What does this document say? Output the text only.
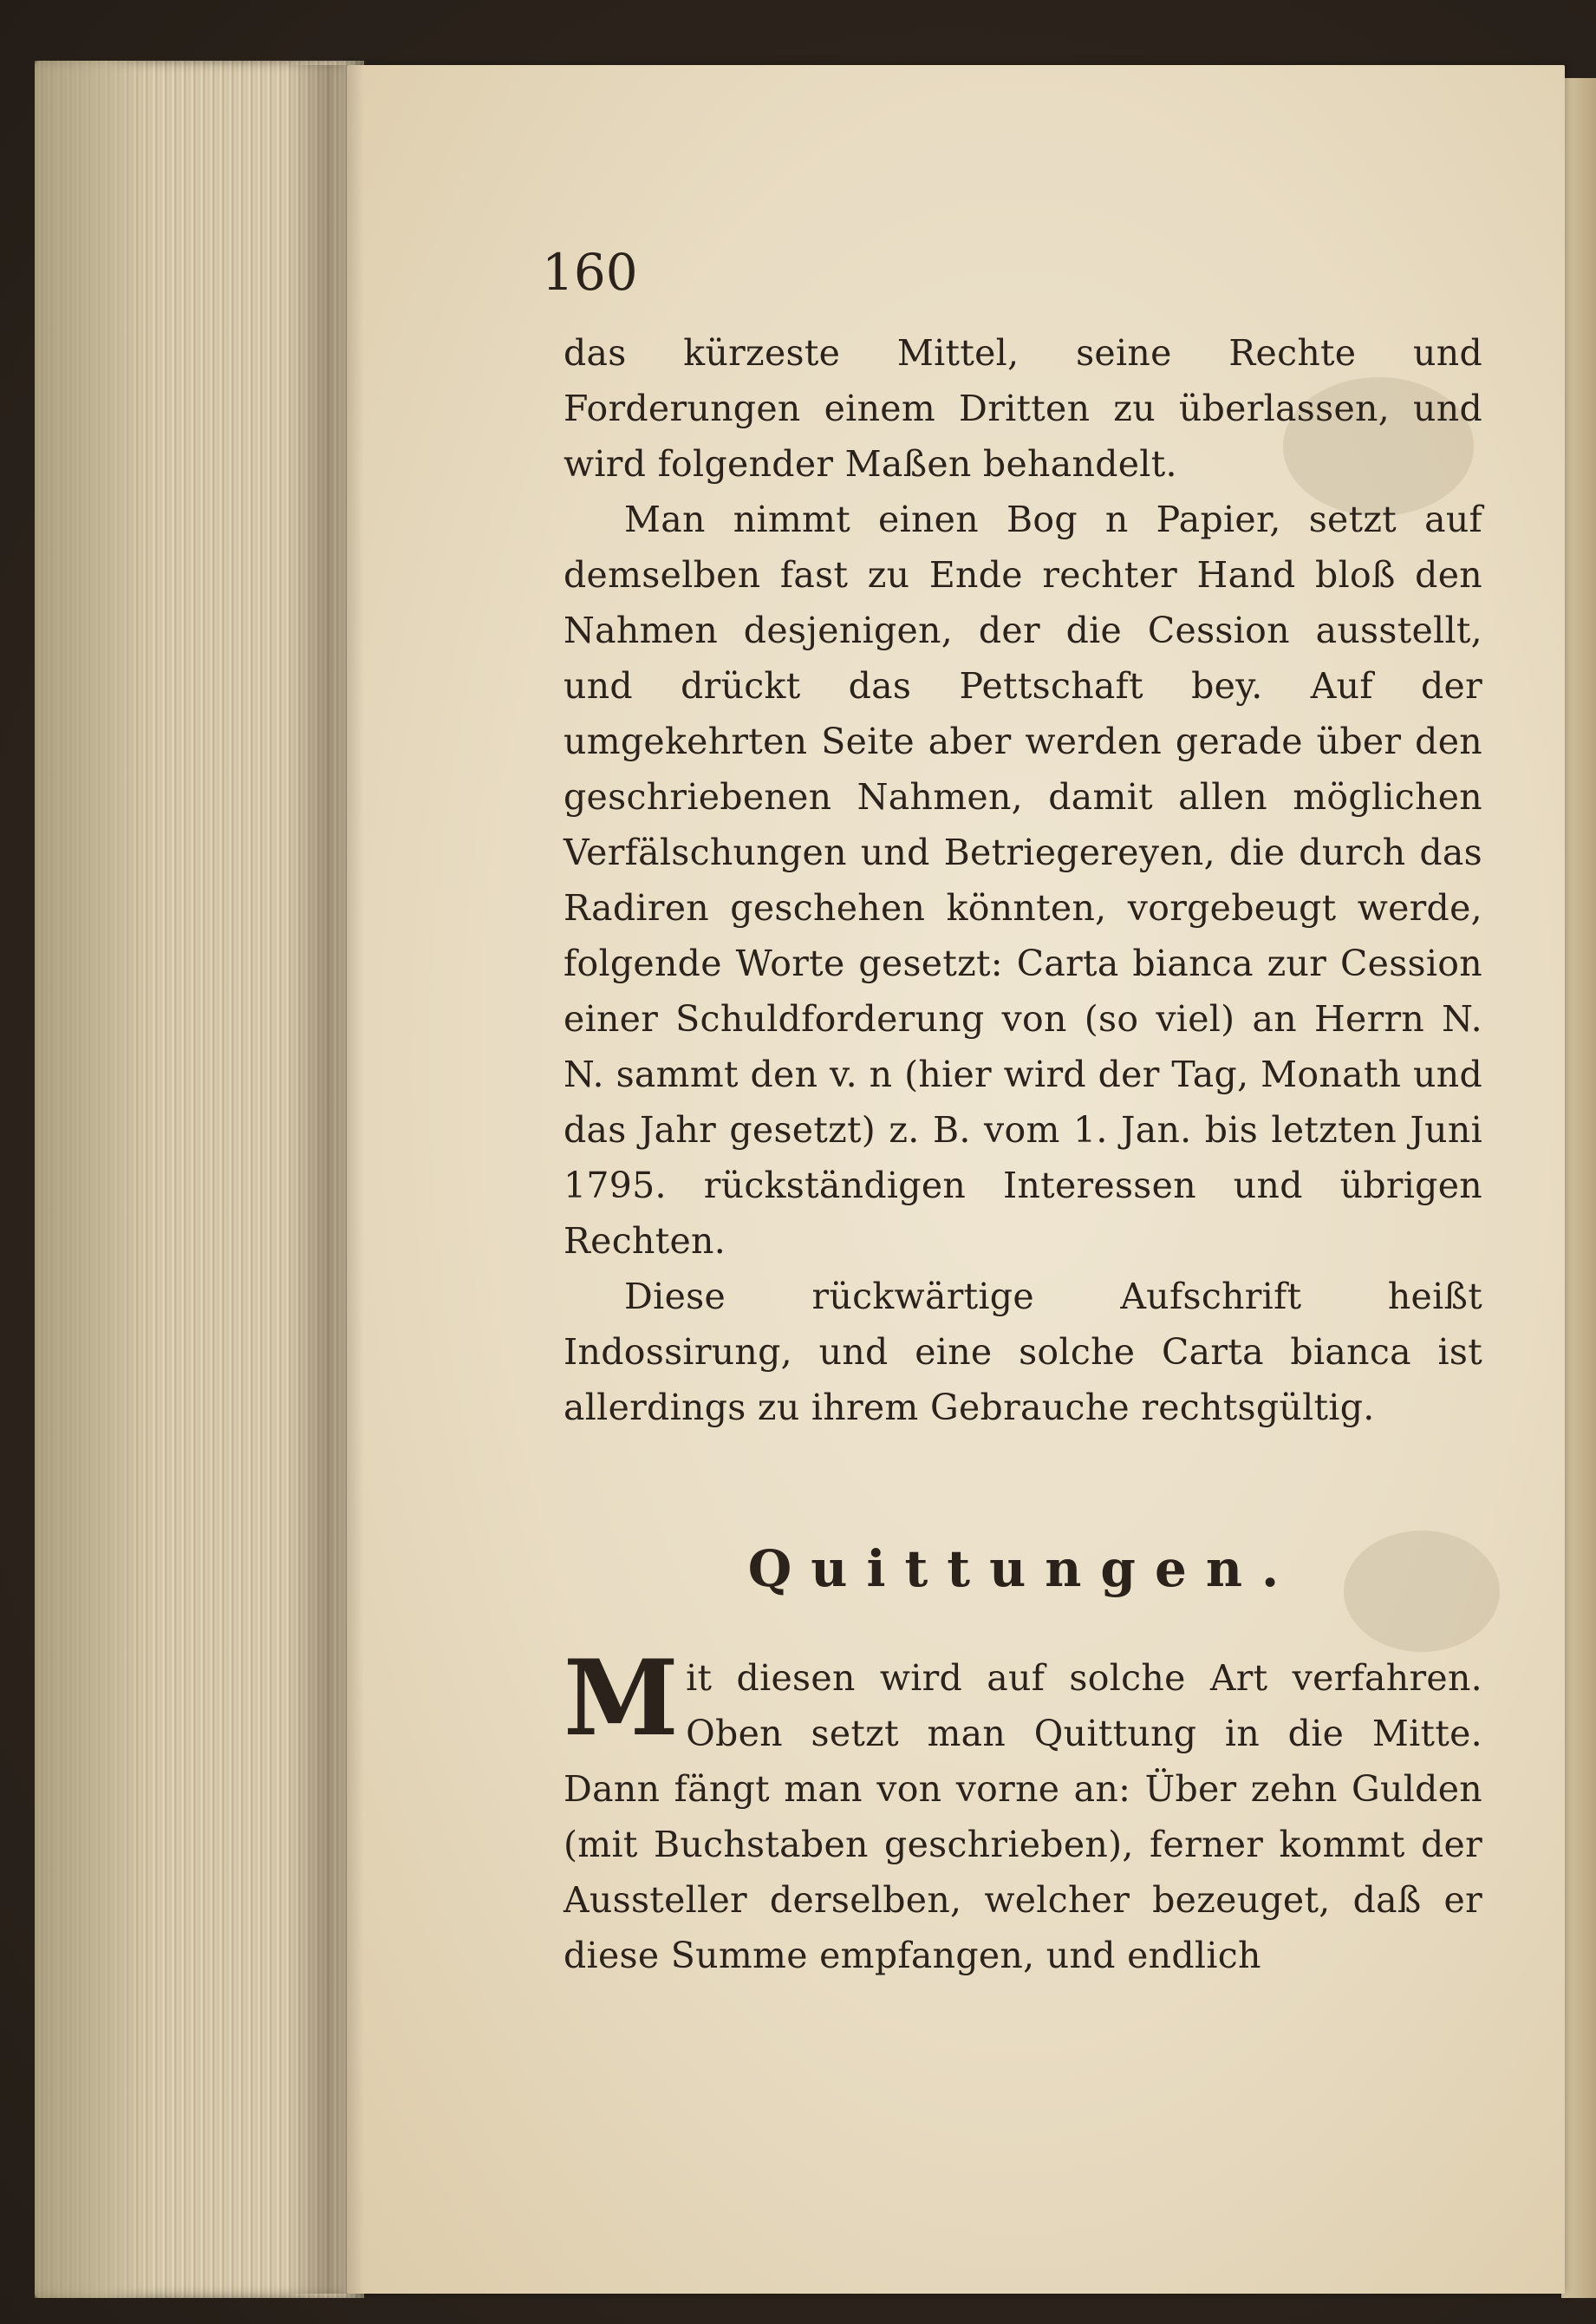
160

das kürzeste Mittel, seine Rechte und Forderungen einem Dritten zu überlassen, und wird folgender Maßen behandelt.

Man nimmt einen Bog n Papier, setzt auf demselben fast zu Ende rechter Hand bloß den Nahmen desjenigen, der die Cession ausstellt, und drückt das Pettschaft bey. Auf der umgekehrten Seite aber werden gerade über den geschriebenen Nahmen, damit allen möglichen Verfälschungen und Betriegereyen, die durch das Radiren geschehen könnten, vorgebeugt werde, folgende Worte gesetzt: Carta bianca zur Cession einer Schuldforderung von (so viel) an Herrn N. N. sammt den v. n (hier wird der Tag, Monath und das Jahr gesetzt) z. B. vom 1. Jan. bis letzten Juni 1795. rückständigen Interessen und übrigen Rechten.

Diese rückwärtige Aufschrift heißt Indossirung, und eine solche Carta bianca ist allerdings zu ihrem Gebrauche rechtsgültig.

Quittungen.

Mit diesen wird auf solche Art verfahren. Oben setzt man Quittung in die Mitte. Dann fängt man von vorne an: Über zehn Gulden (mit Buchstaben geschrieben), ferner kommt der Aussteller derselben, welcher bezeuget, daß er diese Summe empfangen, und endlich
